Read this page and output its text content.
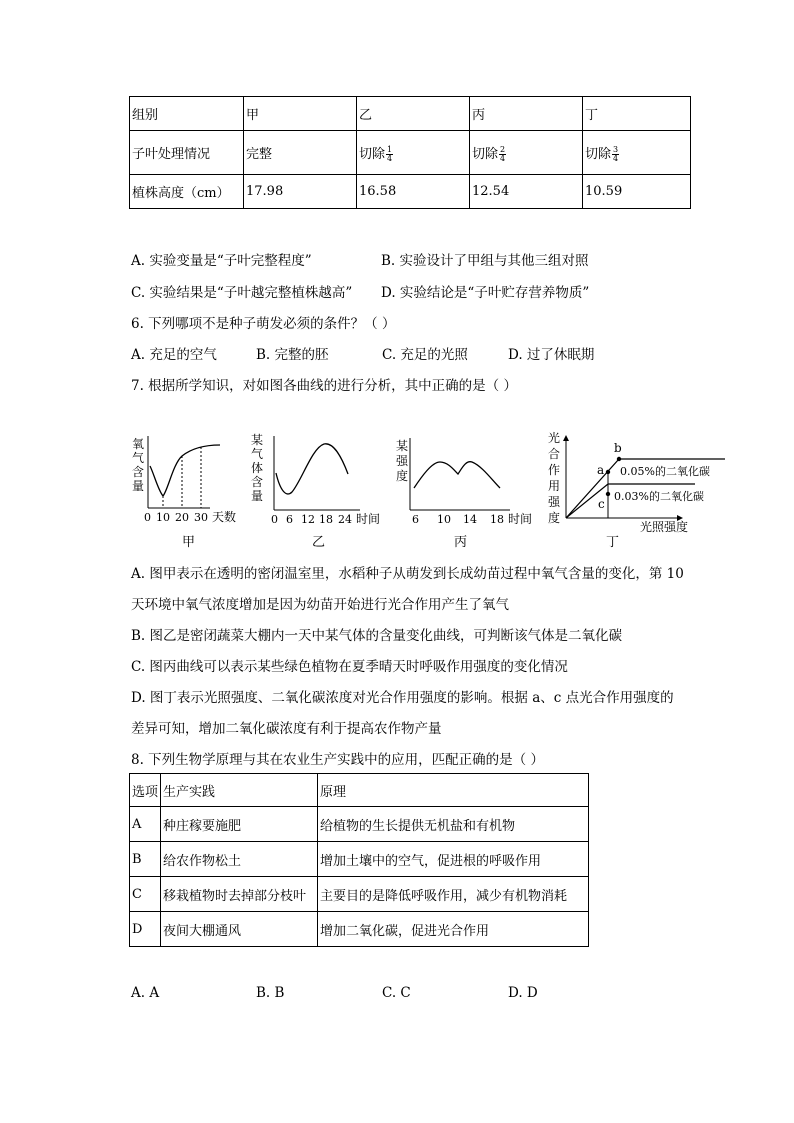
组别	甲	乙	丙	丁
子叶处理情况	完整	切除 $\frac{1}{4}$	切除 $\frac{2}{4}$	切除 $\frac{3}{4}$

植株高度（cm）	17.98	16.58	12.54	10.59
A. 实验变量是“子叶完整程度”	B. 实验设计了甲组与其他三组对照
C. 实验结果是“子叶越完整植株越高” D. 实验结论是“子叶贮存营养物质”
6. 下列哪项不是种子萌发必须的条件？（ ）
A. 充足的空气	B. 完整的胚	C. 充足的光照	D. 过了休眠期
7. 根据所学知识，对如图各曲线的进行分析，其中正确的是（ ）
氧
气
含
量
0 10 20 30 天数
甲
某
气
体
含
量
0 6 12 18 24 时间
乙
某
强
度
6 10 14 18 时间
丙
光
合
作
用
强
度
a
b
c
0.05%的二氧化碳
0.03%的二氧化碳
光照强度
丁
A. 图甲表示在透明的密闭温室里，水稻种子从萌发到长成幼苗过程中氧气含量的变化，第 10
天环境中氧气浓度增加是因为幼苗开始进行光合作用产生了氧气
B. 图乙是密闭蔬菜大棚内一天中某气体的含量变化曲线，可判断该气体是二氧化碳
C. 图丙曲线可以表示某些绿色植物在夏季晴天时呼吸作用强度的变化情况
D. 图丁表示光照强度、二氧化碳浓度对光合作用强度的影响。根据 a、c 点光合作用强度的
差异可知，增加二氧化碳浓度有利于提高农作物产量
8. 下列生物学原理与其在农业生产实践中的应用，匹配正确的是（ ）
选项	生产实践	原理
A	种庄稼要施肥	给植物的生长提供无机盐和有机物
B	给农作物松土	增加土壤中的空气，促进根的呼吸作用
C	移栽植物时去掉部分枝叶	主要目的是降低呼吸作用，减少有机物消耗
D	夜间大棚通风	增加二氧化碳，促进光合作用
A. A	B. B	C. C	D. D
